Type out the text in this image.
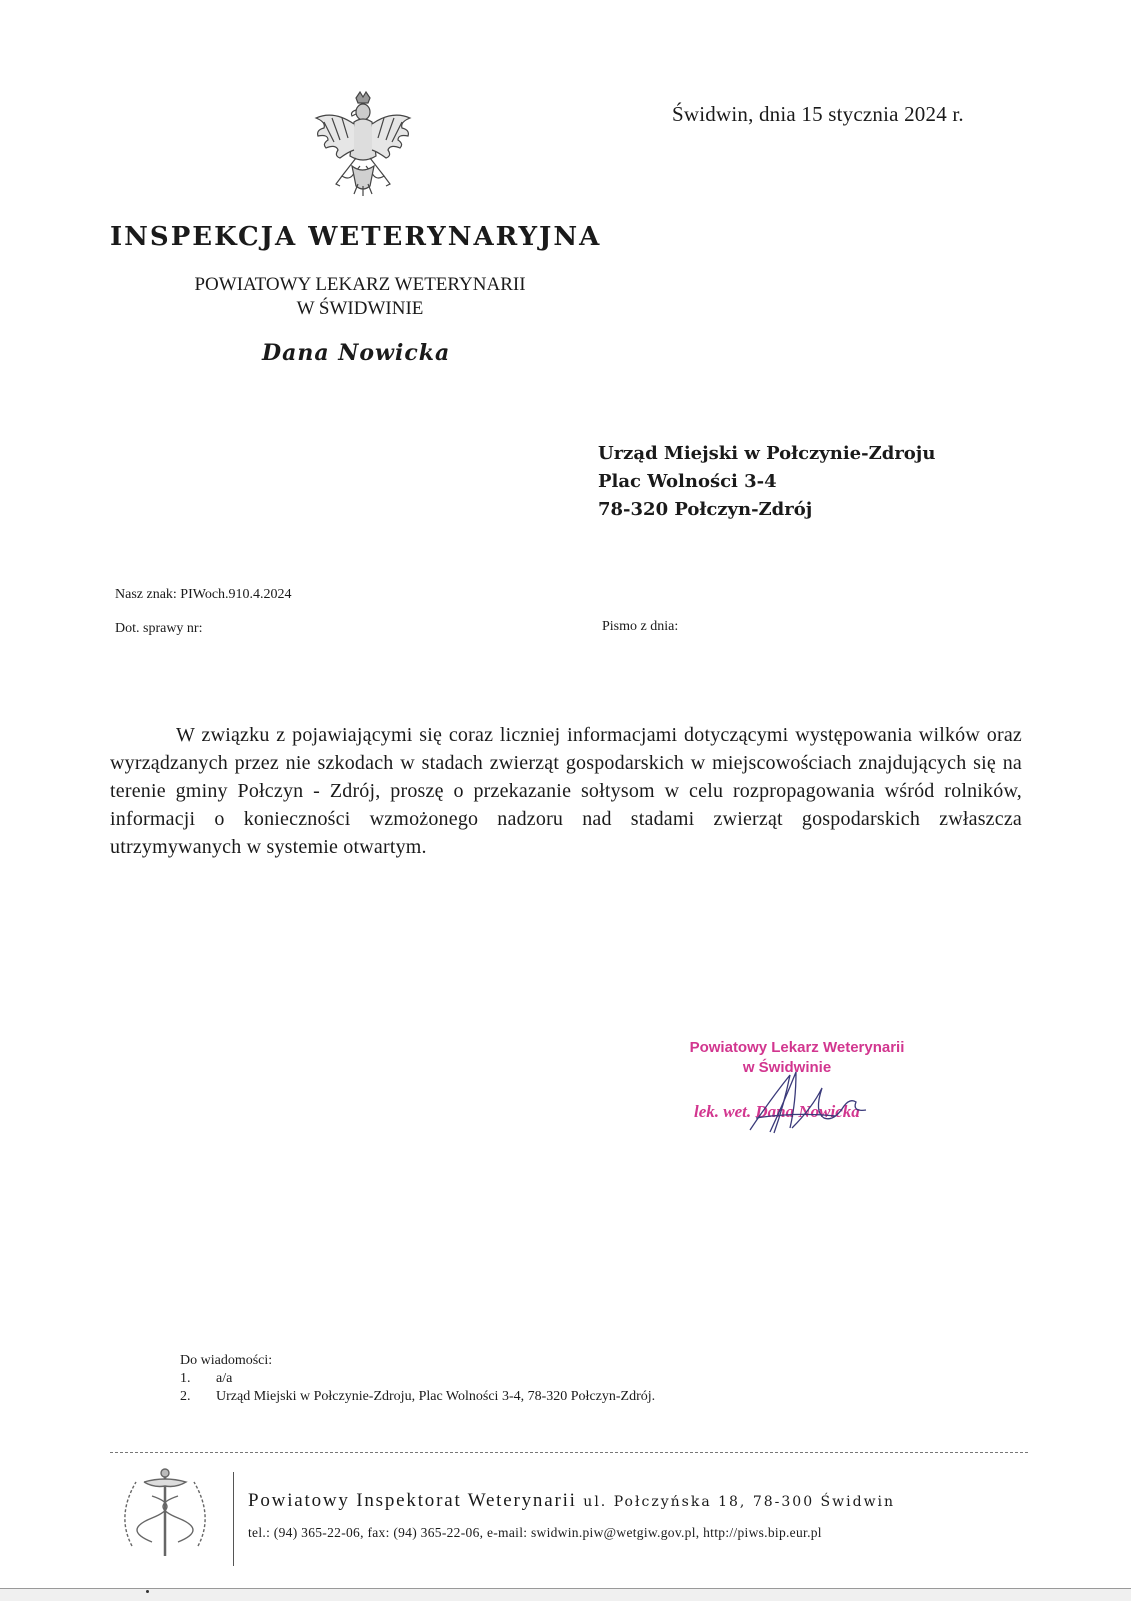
Świdwin, dnia 15 stycznia 2024 r.
INSPEKCJA WETERYNARYJNA
POWIATOWY LEKARZ WETERYNARII
W ŚWIDWINIE
Dana Nowicka
Urząd Miejski w Połczynie-Zdroju
Plac Wolności 3-4
78-320 Połczyn-Zdrój
Nasz znak: PIWoch.910.4.2024
Dot. sprawy nr:	Pismo z dnia:
W związku z pojawiającymi się coraz liczniej informacjami dotyczącymi występowania wilków oraz wyrządzanych przez nie szkodach w stadach zwierząt gospodarskich w miejscowościach znajdujących się na terenie gminy Połczyn - Zdrój, proszę o przekazanie sołtysom w celu rozpropagowania wśród rolników, informacji o konieczności wzmożonego nadzoru nad stadami zwierząt gospodarskich zwłaszcza utrzymywanych w systemie otwartym.
Powiatowy Lekarz Weterynarii
w Świdwinie
lek. wet. Dana Nowicka
Do wiadomości:
1.	a/a
2.	Urząd Miejski w Połczynie-Zdroju, Plac Wolności 3-4, 78-320 Połczyn-Zdrój.
Powiatowy Inspektorat Weterynarii ul. Połczyńska 18, 78-300 Świdwin
tel.: (94) 365-22-06, fax: (94) 365-22-06, e-mail: swidwin.piw@wetgiw.gov.pl, http://piws.bip.eur.pl
